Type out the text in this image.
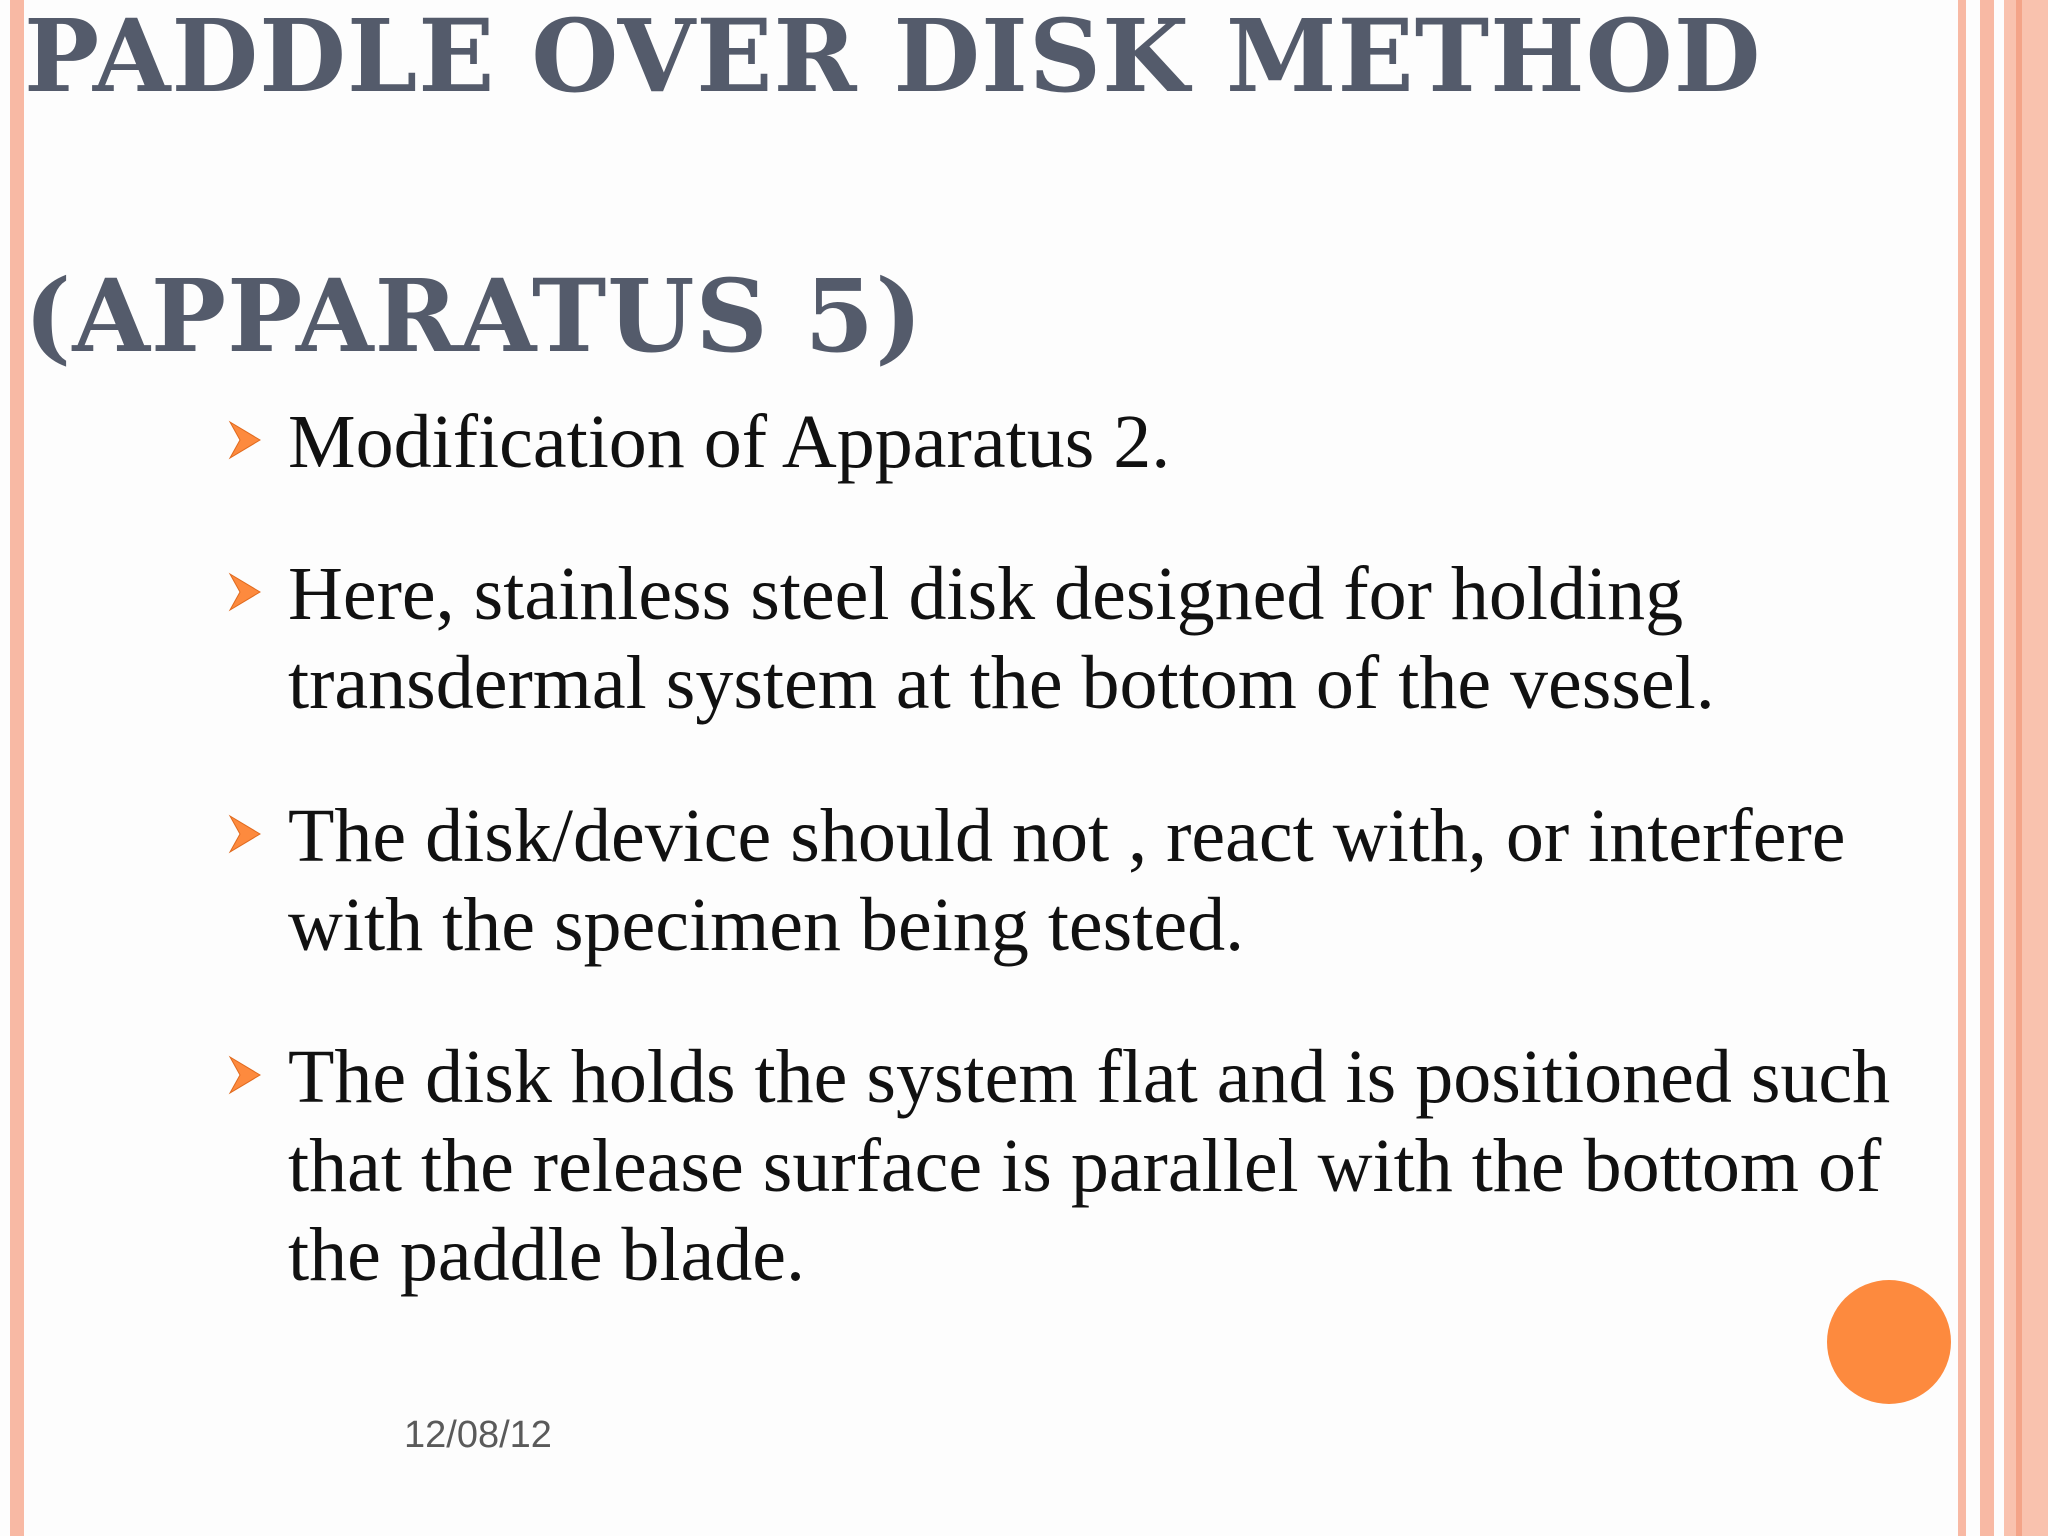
PADDLE OVER DISK METHOD
(APPARATUS 5)
Modification of Apparatus 2.
Here, stainless steel disk designed for holding transdermal system at the bottom of the vessel.
The disk/device should not , react with, or interfere with the specimen being tested.
The disk holds the system flat and is positioned such that the release surface is parallel with the bottom of the paddle blade.
12/08/12
